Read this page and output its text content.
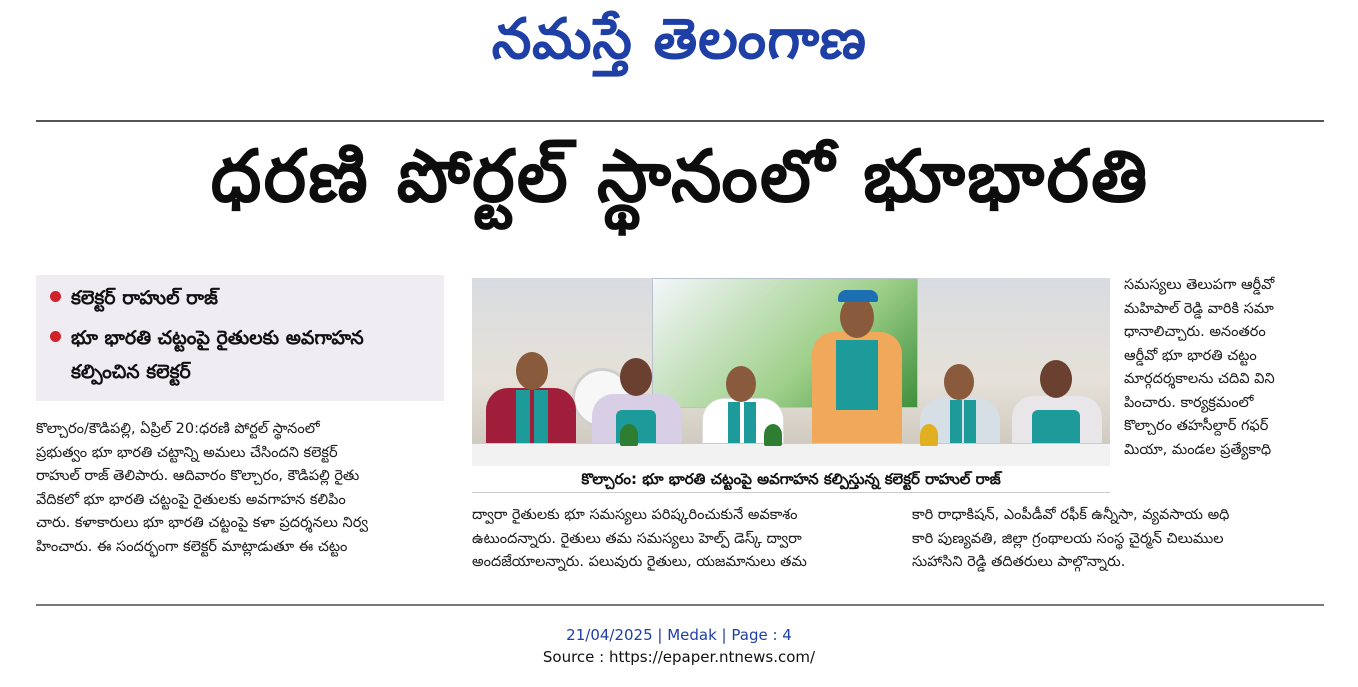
నమస్తే తెలంగాణ
ధరణి పోర్టల్ స్థానంలో భూభారతి
కలెక్టర్ రాహుల్ రాజ్
భూ భారతి చట్టంపై రైతులకు అవగాహన కల్పించిన కలెక్టర్
కొల్చారం: భూ భారతి చట్టంపై అవగాహన కల్పిస్తున్న కలెక్టర్ రాహుల్ రాజ్

కొల్చారం/కౌడిపల్లి, ఏప్రిల్ 20:ధరణి పోర్టల్ స్థానంలో

ప్రభుత్వం భూ భారతి చట్టాన్ని అమలు చేసిందని కలెక్టర్

రాహుల్ రాజ్ తెలిపారు. ఆదివారం కొల్చారం, కౌడిపల్లి రైతు

వేదికలో భూ భారతి చట్టంపై రైతులకు అవగాహన కలిపిం

చారు. కళాకారులు భూ భారతి చట్టంపై కళా ప్రదర్శనలు నిర్వ

హించారు. ఈ సందర్భంగా కలెక్టర్ మాట్లాడుతూ ఈ చట్టం

ద్వారా రైతులకు భూ సమస్యలు పరిష్కరించుకునే అవకాశం

ఉటుందన్నారు. రైతులు తమ సమస్యలు హెల్ప్ డెస్క్ ద్వారా

అందజేయాలన్నారు. పలువురు రైతులు, యజమానులు తమ

సమస్యలు తెలుపగా ఆర్డీవో

మహిపాల్ రెడ్డి వారికి సమా

ధానాలిచ్చారు. అనంతరం

ఆర్డీవో భూ భారతి చట్టం

మార్గదర్శకాలను చదివి విని

పించారు. కార్యక్రమంలో

కొల్చారం తహసీల్దార్ గఫర్

మియా, మండల ప్రత్యేకాధి

కారి రాధాకిషన్, ఎంపీడీవో రఫీక్ ఉన్నీసా, వ్యవసాయ అధి

కారి పుణ్యవతి, జిల్లా గ్రంథాలయ సంస్థ చైర్మన్ చిలుముల

సుహాసిని రెడ్డి తదితరులు పాల్గొన్నారు.

21/04/2025 | Medak | Page : 4
Source : https://epaper.ntnews.com/
